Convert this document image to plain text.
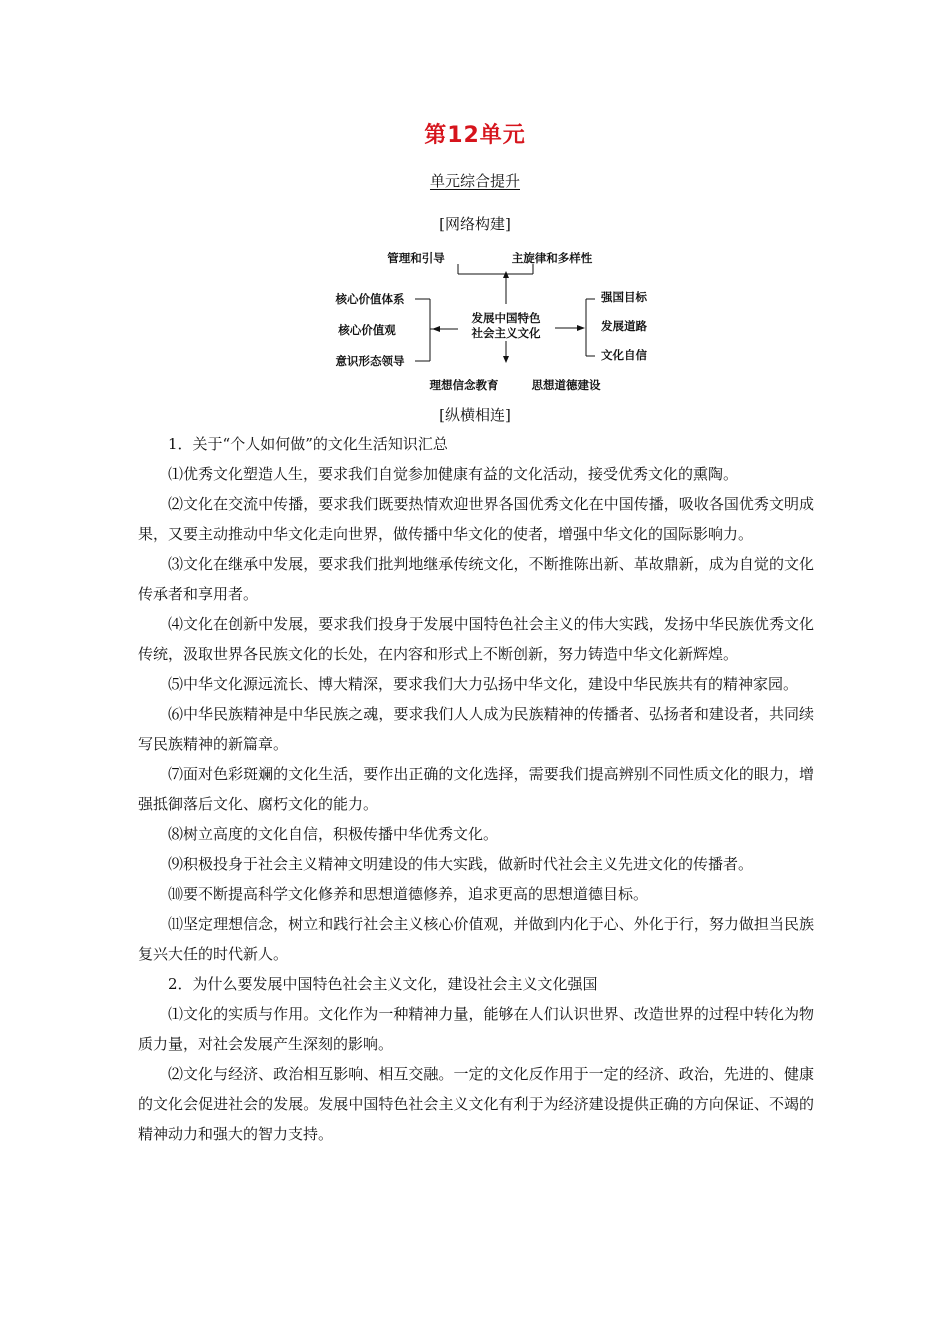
第12单元
单元综合提升
[网络构建]
管理和引导	主旋律和多样性
核心价值体系
核心价值观
意识形态领导
发展中国特色
社会主义文化
强国目标
发展道路
文化自信
理想信念教育	思想道德建设
[纵横相连]

1．关于“个人如何做”的文化生活知识汇总

⑴优秀文化塑造人生，要求我们自觉参加健康有益的文化活动，接受优秀文化的熏陶。

⑵文化在交流中传播，要求我们既要热情欢迎世界各国优秀文化在中国传播，吸收各国优秀文明成果，又要主动推动中华文化走向世界，做传播中华文化的使者，增强中华文化的国际影响力。

⑶文化在继承中发展，要求我们批判地继承传统文化，不断推陈出新、革故鼎新，成为自觉的文化传承者和享用者。

⑷文化在创新中发展，要求我们投身于发展中国特色社会主义的伟大实践，发扬中华民族优秀文化传统，汲取世界各民族文化的长处，在内容和形式上不断创新，努力铸造中华文化新辉煌。

⑸中华文化源远流长、博大精深，要求我们大力弘扬中华文化，建设中华民族共有的精神家园。

⑹中华民族精神是中华民族之魂，要求我们人人成为民族精神的传播者、弘扬者和建设者，共同续写民族精神的新篇章。

⑺面对色彩斑斓的文化生活，要作出正确的文化选择，需要我们提高辨别不同性质文化的眼力，增强抵御落后文化、腐朽文化的能力。

⑻树立高度的文化自信，积极传播中华优秀文化。

⑼积极投身于社会主义精神文明建设的伟大实践，做新时代社会主义先进文化的传播者。

⑽要不断提高科学文化修养和思想道德修养，追求更高的思想道德目标。

⑾坚定理想信念，树立和践行社会主义核心价值观，并做到内化于心、外化于行，努力做担当民族复兴大任的时代新人。

2．为什么要发展中国特色社会主义文化，建设社会主义文化强国

⑴文化的实质与作用。文化作为一种精神力量，能够在人们认识世界、改造世界的过程中转化为物质力量，对社会发展产生深刻的影响。

⑵文化与经济、政治相互影响、相互交融。一定的文化反作用于一定的经济、政治，先进的、健康的文化会促进社会的发展。发展中国特色社会主义文化有利于为经济建设提供正确的方向保证、不竭的精神动力和强大的智力支持。
